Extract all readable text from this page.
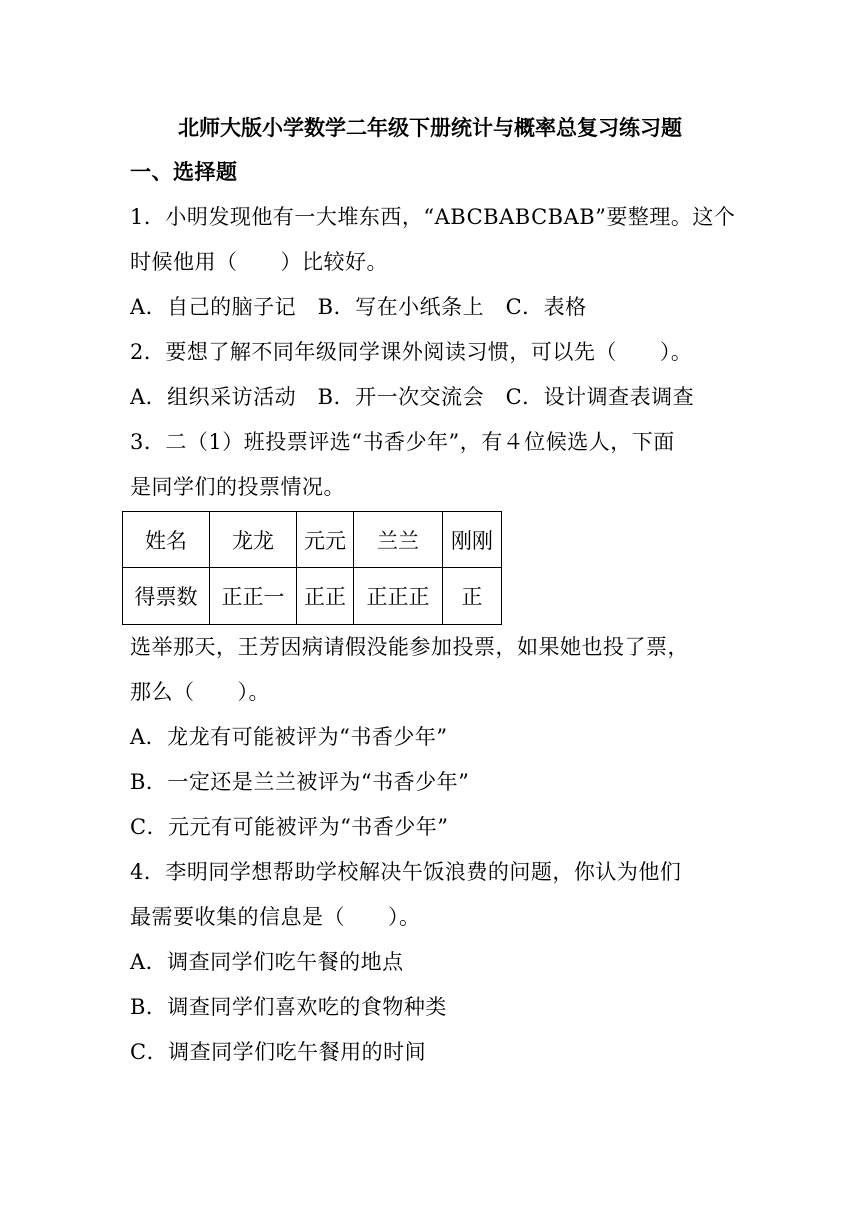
北师大版小学数学二年级下册统计与概率总复习练习题
一、选择题
1．小明发现他有一大堆东西，“ABCBABCBAB”要整理。这个
时候他用（　　）比较好。
A．自己的脑子记　B．写在小纸条上　C．表格
2．要想了解不同年级同学课外阅读习惯，可以先（　　）。
A．组织采访活动　B．开一次交流会　C．设计调查表调查
3．二（1）班投票评选“书香少年”，有４位候选人，下面
是同学们的投票情况。
姓名	龙龙	元元	兰兰	刚刚
得票数	正正一	正正	正正正	正
选举那天，王芳因病请假没能参加投票，如果她也投了票，
那么（　　）。
A．龙龙有可能被评为“书香少年”
B．一定还是兰兰被评为“书香少年”
C．元元有可能被评为“书香少年”
4．李明同学想帮助学校解决午饭浪费的问题，你认为他们
最需要收集的信息是（　　）。
A．调查同学们吃午餐的地点
B．调查同学们喜欢吃的食物种类
C．调查同学们吃午餐用的时间
